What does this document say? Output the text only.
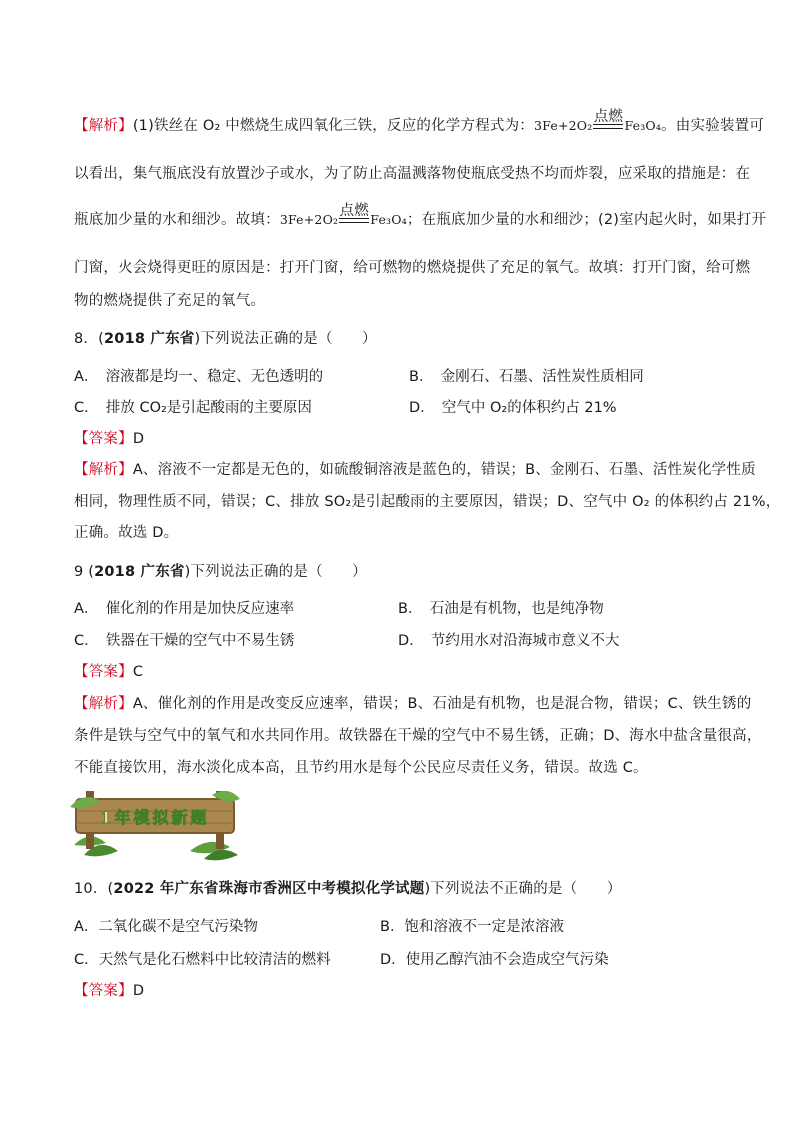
【解析】(1)铁丝在 O₂ 中燃烧生成四氧化三铁，反应的化学方程式为：3Fe+2O₂
点燃
Fe₃O₄。由实验装置可
以看出，集气瓶底没有放置沙子或水，为了防止高温溅落物使瓶底受热不均而炸裂，应采取的措施是：在
瓶底加少量的水和细沙。故填：3Fe+2O₂
点燃
Fe₃O₄；在瓶底加少量的水和细沙；(2)室内起火时，如果打开
门窗，火会烧得更旺的原因是：打开门窗，给可燃物的燃烧提供了充足的氧气。故填：打开门窗，给可燃
物的燃烧提供了充足的氧气。
8．(2018 广东省)下列说法正确的是（　　）
A．　溶液都是均一、稳定、无色透明的	B．　金刚石、石墨、活性炭性质相同
C．　排放 CO₂是引起酸雨的主要原因	D．　空气中 O₂的体积约占 21%
【答案】D
【解析】A、溶液不一定都是无色的，如硫酸铜溶液是蓝色的，错误；B、金刚石、石墨、活性炭化学性质
相同，物理性质不同，错误；C、排放 SO₂是引起酸雨的主要原因，错误；D、空气中 O₂ 的体积约占 21%，
正确。故选 D。
9 (2018 广东省)下列说法正确的是（　　）
A．　催化剂的作用是加快反应速率	B．　石油是有机物，也是纯净物
C．　铁器在干燥的空气中不易生锈	D．　节约用水对沿海城市意义不大
【答案】C
【解析】A、催化剂的作用是改变反应速率，错误；B、石油是有机物，也是混合物，错误；C、铁生锈的
条件是铁与空气中的氧气和水共同作用。故铁器在干燥的空气中不易生锈，正确；D、海水中盐含量很高，
不能直接饮用，海水淡化成本高，且节约用水是每个公民应尽责任义务，错误。故选 C。
1年模拟新题
10．(2022 年广东省珠海市香洲区中考模拟化学试题)下列说法不正确的是（　　）
A．二氧化碳不是空气污染物	B．饱和溶液不一定是浓溶液
C．天然气是化石燃料中比较清洁的燃料	D．使用乙醇汽油不会造成空气污染
【答案】D
